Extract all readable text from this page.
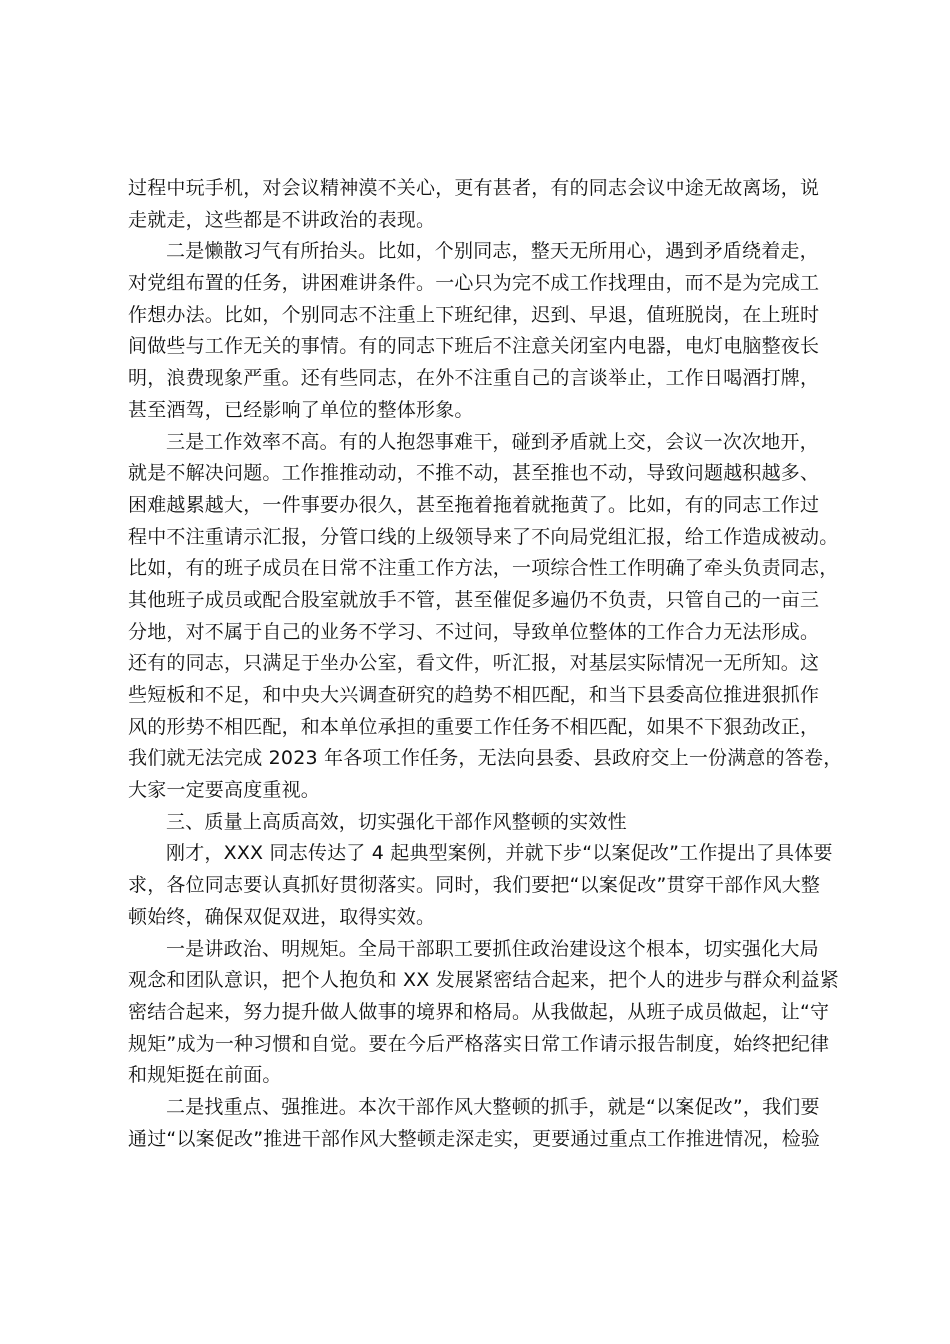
过程中玩手机，对会议精神漠不关心，更有甚者，有的同志会议中途无故离场，说
走就走，这些都是不讲政治的表现。
二是懒散习气有所抬头。比如，个别同志，整天无所用心，遇到矛盾绕着走，
对党组布置的任务，讲困难讲条件。一心只为完不成工作找理由，而不是为完成工
作想办法。比如，个别同志不注重上下班纪律，迟到、早退，值班脱岗，在上班时
间做些与工作无关的事情。有的同志下班后不注意关闭室内电器，电灯电脑整夜长
明，浪费现象严重。还有些同志，在外不注重自己的言谈举止，工作日喝酒打牌，
甚至酒驾，已经影响了单位的整体形象。
三是工作效率不高。有的人抱怨事难干，碰到矛盾就上交，会议一次次地开，
就是不解决问题。工作推推动动，不推不动，甚至推也不动，导致问题越积越多、
困难越累越大，一件事要办很久，甚至拖着拖着就拖黄了。比如，有的同志工作过
程中不注重请示汇报，分管口线的上级领导来了不向局党组汇报，给工作造成被动。
比如，有的班子成员在日常不注重工作方法，一项综合性工作明确了牵头负责同志，
其他班子成员或配合股室就放手不管，甚至催促多遍仍不负责，只管自己的一亩三
分地，对不属于自己的业务不学习、不过问，导致单位整体的工作合力无法形成。
还有的同志，只满足于坐办公室，看文件，听汇报，对基层实际情况一无所知。这
些短板和不足，和中央大兴调查研究的趋势不相匹配，和当下县委高位推进狠抓作
风的形势不相匹配，和本单位承担的重要工作任务不相匹配，如果不下狠劲改正，
我们就无法完成 2023 年各项工作任务，无法向县委、县政府交上一份满意的答卷，
大家一定要高度重视。
三、质量上高质高效，切实强化干部作风整顿的实效性
刚才，XXX 同志传达了 4 起典型案例，并就下步“以案促改”工作提出了具体要
求，各位同志要认真抓好贯彻落实。同时，我们要把“以案促改”贯穿干部作风大整
顿始终，确保双促双进，取得实效。
一是讲政治、明规矩。全局干部职工要抓住政治建设这个根本，切实强化大局
观念和团队意识，把个人抱负和 XX 发展紧密结合起来，把个人的进步与群众利益紧
密结合起来，努力提升做人做事的境界和格局。从我做起，从班子成员做起，让“守
规矩”成为一种习惯和自觉。要在今后严格落实日常工作请示报告制度，始终把纪律
和规矩挺在前面。
二是找重点、强推进。本次干部作风大整顿的抓手，就是“以案促改”，我们要
通过“以案促改”推进干部作风大整顿走深走实，更要通过重点工作推进情况，检验
